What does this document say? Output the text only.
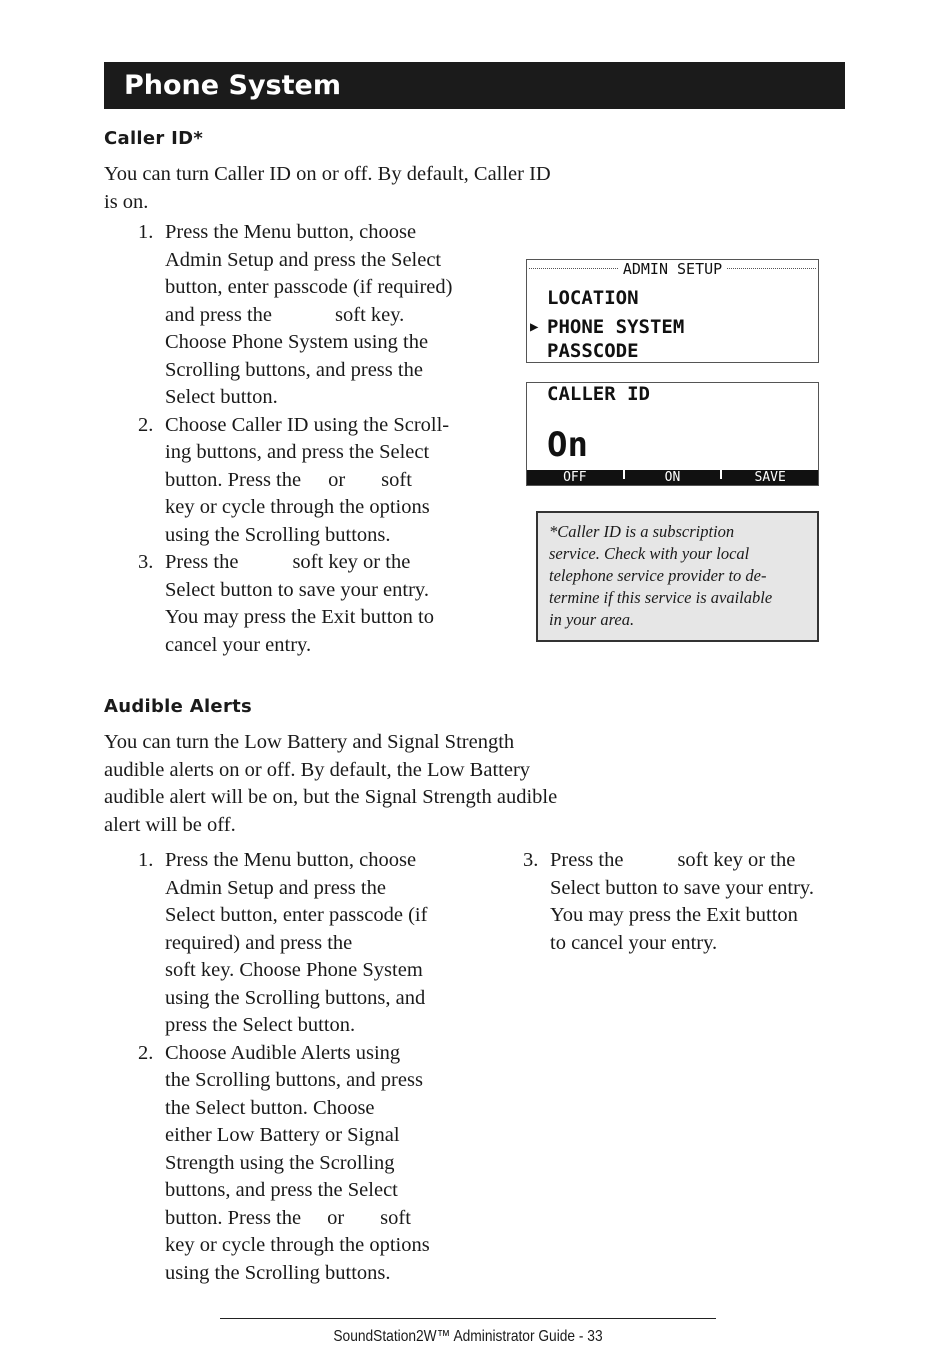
Phone System
Caller ID*
You can turn Caller ID on or off. By default, Caller ID
is on.
1. Press the Menu button, choose
Admin Setup and press the Select
button, enter passcode (if required)
and press the	soft key.
Choose Phone System using the
Scrolling buttons, and press the
Select button.
2. Choose Caller ID using the Scroll-
ing buttons, and press the Select
button. Press the or soft
key or cycle through the options
using the Scrolling buttons.
3. Press the	soft key or the
Select button to save your entry.
You may press the Exit button to
cancel your entry.
ADMIN SETUP
LOCATION
▶ PHONE SYSTEM
PASSCODE
CALLER ID
On
OFF	ON	SAVE
*Caller ID is a subscription
service. Check with your local
telephone service provider to de-
termine if this service is available
in your area.
Audible Alerts
You can turn the Low Battery and Signal Strength
audible alerts on or off. By default, the Low Battery
audible alert will be on, but the Signal Strength audible
alert will be off.
1. Press the Menu button, choose
Admin Setup and press the
Select button, enter passcode (if
required) and press the
soft key. Choose Phone System
using the Scrolling buttons, and
press the Select button.
2. Choose Audible Alerts using
the Scrolling buttons, and press
the Select button. Choose
either Low Battery or Signal
Strength using the Scrolling
buttons, and press the Select
button. Press the or soft
key or cycle through the options
using the Scrolling buttons.
3. Press the	soft key or the
Select button to save your entry.
You may press the Exit button
to cancel your entry.
SoundStation2W™ Administrator Guide - 33
